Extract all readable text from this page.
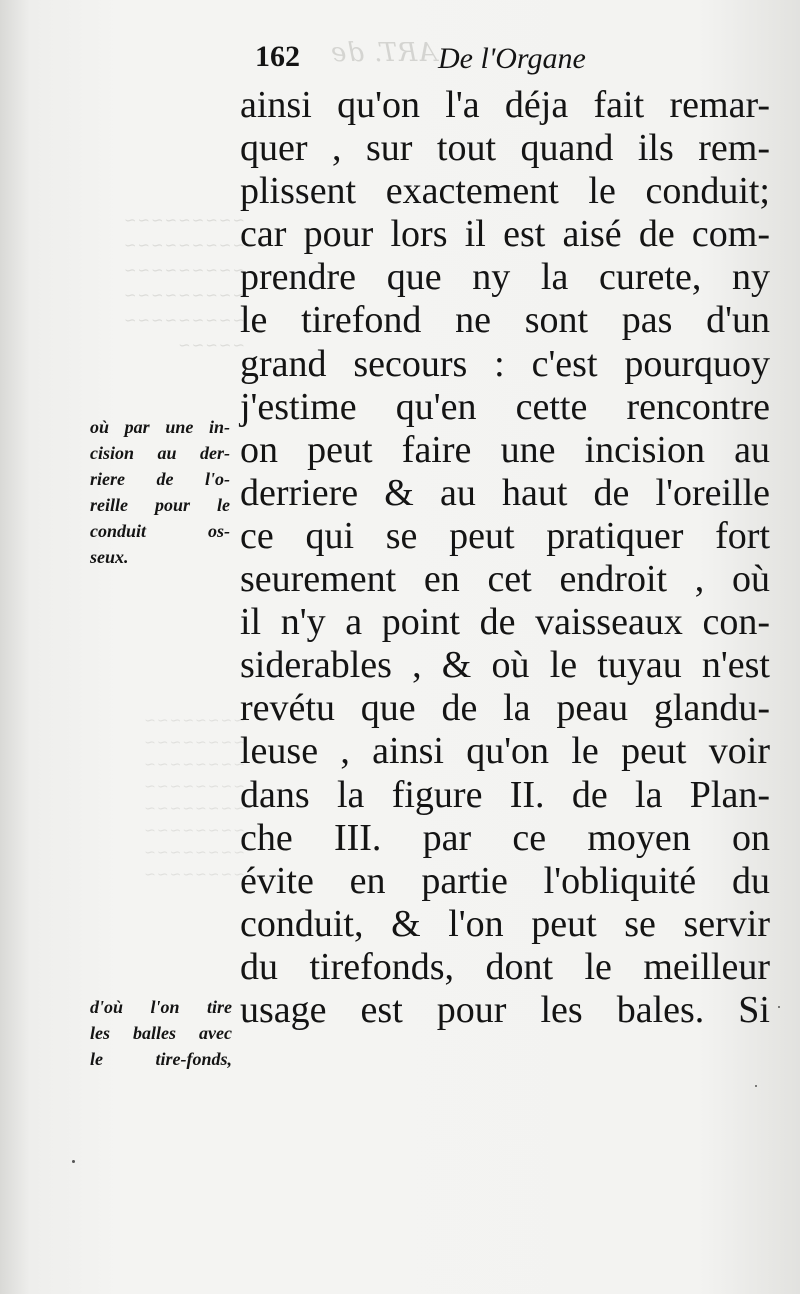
ART. de
~~~~~~~~~
~~~~~~~~~
~~~~~~~~~
~~~~~~~~~
~~~~~~~~~
~~~~~
~~~~~~~~
~~~~~~~~
~~~~~~~~
~~~~~~~~
~~~~~~~~
~~~~~~~~
~~~~~~~~
~~~~~~~~
162	De l'Organe
ainsi qu'on l'a déja fait remar-
quer , sur tout quand ils rem-
plissent exactement le conduit;
car pour lors il est aisé de com-
prendre que ny la curete, ny
le tirefond ne sont pas d'un
grand secours : c'est pourquoy
j'estime qu'en cette rencontre
on peut faire une incision au
derriere & au haut de l'oreille
ce qui se peut pratiquer fort
seurement en cet endroit , où
il n'y a point de vaisseaux con-
siderables , & où le tuyau n'est
revétu que de la peau glandu-
leuse , ainsi qu'on le peut voir
dans la figure II. de la Plan-
che III. par ce moyen on
évite en partie l'obliquité du
conduit, & l'on peut se servir
du tirefonds, dont le meilleur
usage est pour les bales. Si
où par une in-
cision au der-
riere de l'o-
reille pour le
conduit os-
seux.
d'où l'on tire
les balles avec
le tire-fonds,
